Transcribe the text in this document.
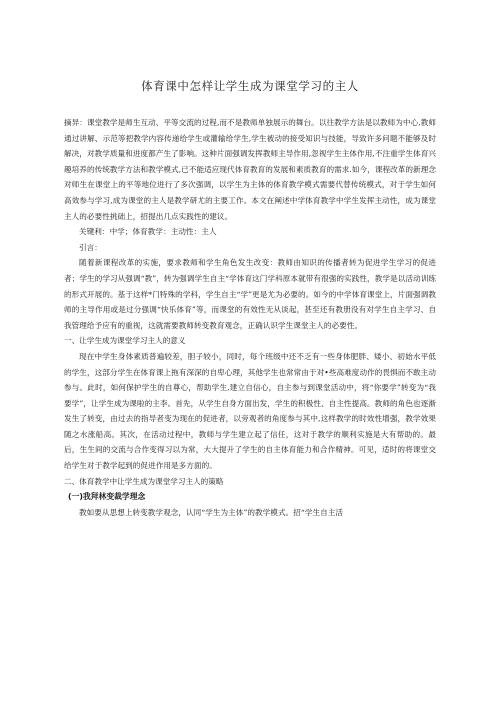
体育课中怎样让学生成为课堂学习的主人

摘异：课堂教学是师生互动、平等交流的过程,而不是教师单独展示的舞台。以往教学方法是以教师为中心,教师通过讲解、示范等把教学内容传递给学生或灌输给学生,学生被动的接受知识与技能，导致许多问题不能够及时解决，对教学质量和进度都产生了影响。这种片面强调发挥教师主导作用,忽视学生主体作用,不注重学生体育兴趣培养的传统教学方法和教学模式,已不能适应现代体育教育的发展和素质教育的需求.如今，课程改革的新理念对师生在课堂上的平等地位进行了多次强调，以学生为主体的体育教学模式需要代替传统模式，对于学生如何高效参与学习,成为课堂的主人是教学研尤的主要工作。本文在阐述中学体育教学中学生发挥主动性，成为课堂主人的必要性挑础上，招提出几点实践性的建议。

关键利：中学；体育教学：主动性：主人

引言：

随着新课程改革的实施，要求教师和学生角色发生改变：教师由知识的传播者转为促进学生学习的促进者；学生的学习从强调“教”，转为强调学生自主“学体育这门学科原本就带有很强的实践性，教学是以活动训练的形式开展的。基于这样*门特殊的学科，学生自主“学”更是尤为必要的。如今的中学体育课堂上，片面强调教师的主导作用或是过分强调“快乐体育”等，而课堂的有效性无从谈起，甚至还有教册没有对学生自主学习、自我管理给予应有的重视，这就需要教师转变教育观念，正确认识学生课堂主人的必要性。

一、让学生成为课堂学习主人的意义

现在中学生身体素质普遍较差，胆子较小，同时，每个班级中还不乏有一些身体肥胖、矮小、初始水平低的学生，这部分学生在体育课上拖有深深的自卑心理，其他学生也常常由于对•些高难度动作的畏惧而不敢主动参与。此时，如何保护学生的自尊心，帮助学生,建立自信心，自主参与到课堂活动中，将“你要学”转变为“我要学”，让学生成为课啦的主李。首先，从学生自身方面出发，学生的积极性、自主性提高。教师的角色也逐渐发生了转变，由过去的指导者变为现在的促进者，以旁观者的角度参与其中,这样教学的时效性增强，教学效果随之水涨船高。其次，在活动过程中，教师与学生建立起了信任，这对于教学的顺利实施是大有帮助的。最后，生生间的交流与合作变得习以为常，大大提升了学生的自主体育能力和合作精神。可见，适时的将课堂交给学生对于教学起到的促进作用是多方面的。

二、体育教学中让学生成为课堂学习主人的策略

(一)我拜林变裁学理念

教如要从思想上转变教学观念，认同“学生为主体”的教学模式。招“学生自主活
